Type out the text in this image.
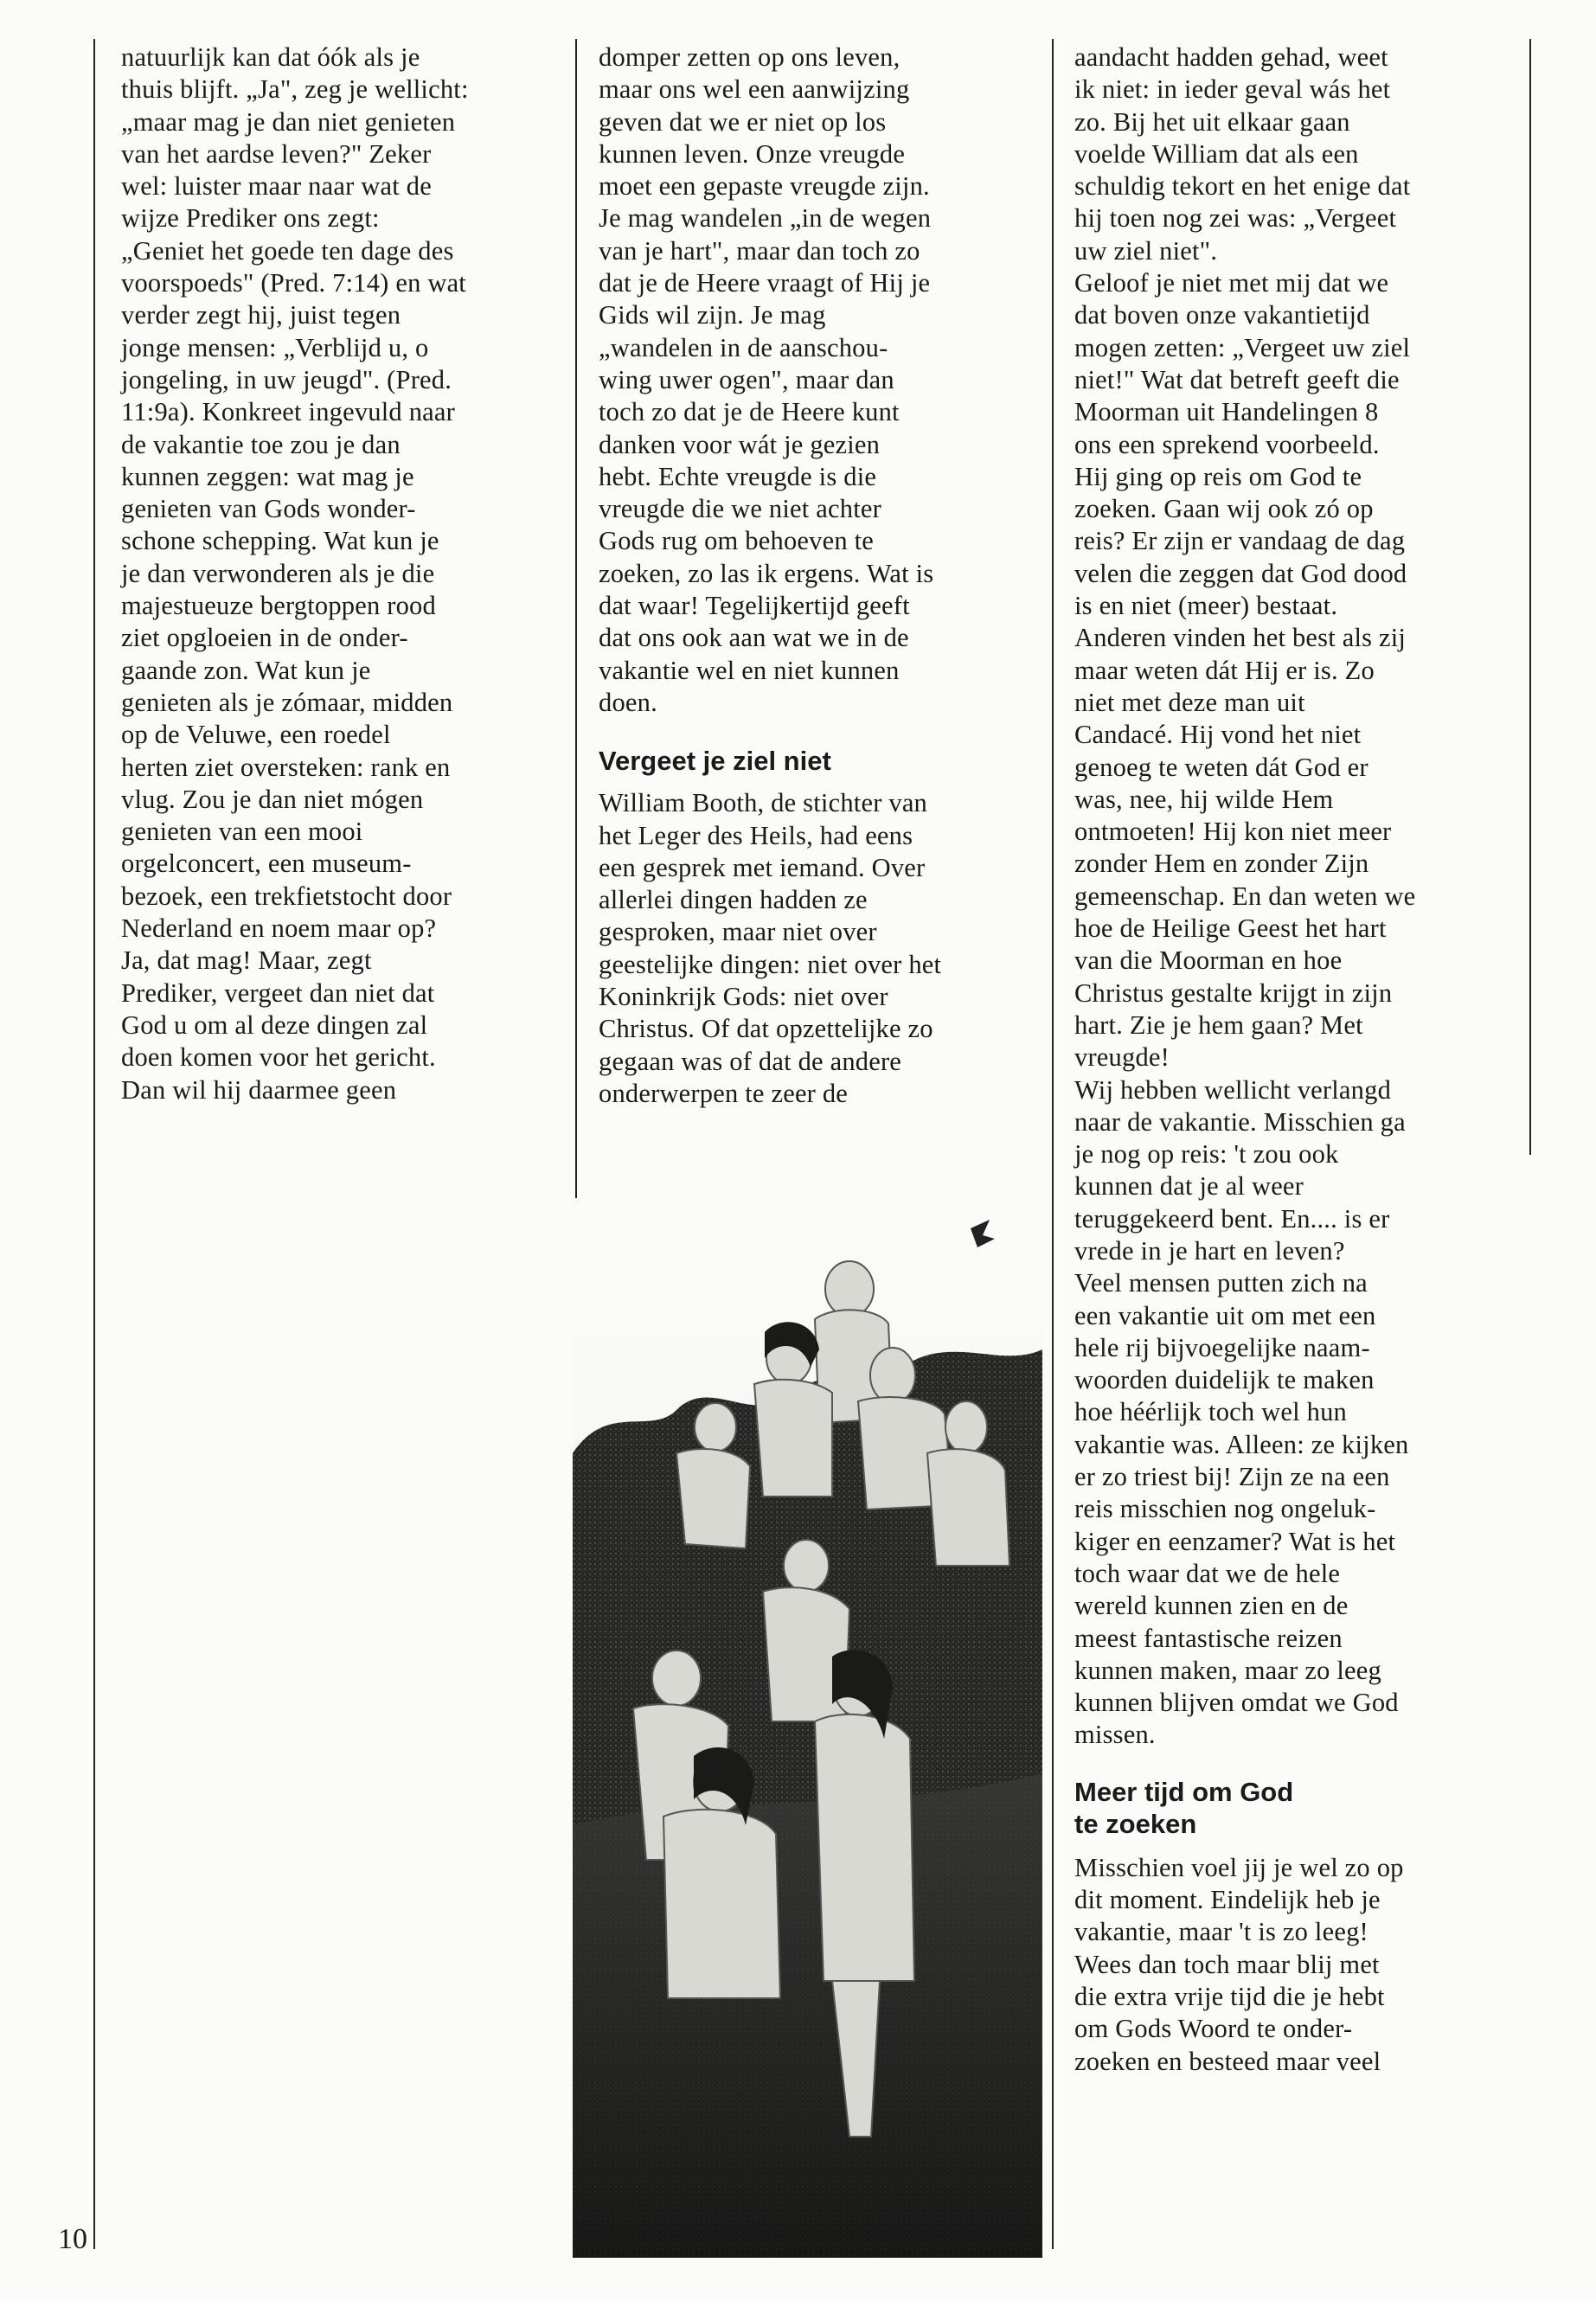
natuurlijk kan dat óók als je

thuis blijft. „Ja", zeg je wellicht:

„maar mag je dan niet genieten

van het aardse leven?" Zeker

wel: luister maar naar wat de

wijze Prediker ons zegt:

„Geniet het goede ten dage des

voorspoeds" (Pred. 7:14) en wat

verder zegt hij, juist tegen

jonge mensen: „Verblijd u, o

jongeling, in uw jeugd". (Pred.

11:9a). Konkreet ingevuld naar

de vakantie toe zou je dan

kunnen zeggen: wat mag je

genieten van Gods wonder-

schone schepping. Wat kun je

je dan verwonderen als je die

majestueuze bergtoppen rood

ziet opgloeien in de onder-

gaande zon. Wat kun je

genieten als je zómaar, midden

op de Veluwe, een roedel

herten ziet oversteken: rank en

vlug. Zou je dan niet mógen

genieten van een mooi

orgelconcert, een museum-

bezoek, een trekfietstocht door

Nederland en noem maar op?

Ja, dat mag! Maar, zegt

Prediker, vergeet dan niet dat

God u om al deze dingen zal

doen komen voor het gericht.

Dan wil hij daarmee geen

domper zetten op ons leven,

maar ons wel een aanwijzing

geven dat we er niet op los

kunnen leven. Onze vreugde

moet een gepaste vreugde zijn.

Je mag wandelen „in de wegen

van je hart", maar dan toch zo

dat je de Heere vraagt of Hij je

Gids wil zijn. Je mag

„wandelen in de aanschou-

wing uwer ogen", maar dan

toch zo dat je de Heere kunt

danken voor wát je gezien

hebt. Echte vreugde is die

vreugde die we niet achter

Gods rug om behoeven te

zoeken, zo las ik ergens. Wat is

dat waar! Tegelijkertijd geeft

dat ons ook aan wat we in de

vakantie wel en niet kunnen

doen.

Vergeet je ziel niet

William Booth, de stichter van

het Leger des Heils, had eens

een gesprek met iemand. Over

allerlei dingen hadden ze

gesproken, maar niet over

geestelijke dingen: niet over het

Koninkrijk Gods: niet over

Christus. Of dat opzettelijke zo

gegaan was of dat de andere

onderwerpen te zeer de

aandacht hadden gehad, weet

ik niet: in ieder geval wás het

zo. Bij het uit elkaar gaan

voelde William dat als een

schuldig tekort en het enige dat

hij toen nog zei was: „Vergeet

uw ziel niet".

Geloof je niet met mij dat we

dat boven onze vakantietijd

mogen zetten: „Vergeet uw ziel

niet!" Wat dat betreft geeft die

Moorman uit Handelingen 8

ons een sprekend voorbeeld.

Hij ging op reis om God te

zoeken. Gaan wij ook zó op

reis? Er zijn er vandaag de dag

velen die zeggen dat God dood

is en niet (meer) bestaat.

Anderen vinden het best als zij

maar weten dát Hij er is. Zo

niet met deze man uit

Candacé. Hij vond het niet

genoeg te weten dát God er

was, nee, hij wilde Hem

ontmoeten! Hij kon niet meer

zonder Hem en zonder Zijn

gemeenschap. En dan weten we

hoe de Heilige Geest het hart

van die Moorman en hoe

Christus gestalte krijgt in zijn

hart. Zie je hem gaan? Met

vreugde!

Wij hebben wellicht verlangd

naar de vakantie. Misschien ga

je nog op reis: 't zou ook

kunnen dat je al weer

teruggekeerd bent. En.... is er

vrede in je hart en leven?

Veel mensen putten zich na

een vakantie uit om met een

hele rij bijvoegelijke naam-

woorden duidelijk te maken

hoe héérlijk toch wel hun

vakantie was. Alleen: ze kijken

er zo triest bij! Zijn ze na een

reis misschien nog ongeluk-

kiger en eenzamer? Wat is het

toch waar dat we de hele

wereld kunnen zien en de

meest fantastische reizen

kunnen maken, maar zo leeg

kunnen blijven omdat we God

missen.

Meer tijd om God
te zoeken

Misschien voel jij je wel zo op

dit moment. Eindelijk heb je

vakantie, maar 't is zo leeg!

Wees dan toch maar blij met

die extra vrije tijd die je hebt

om Gods Woord te onder-

zoeken en besteed maar veel

10
